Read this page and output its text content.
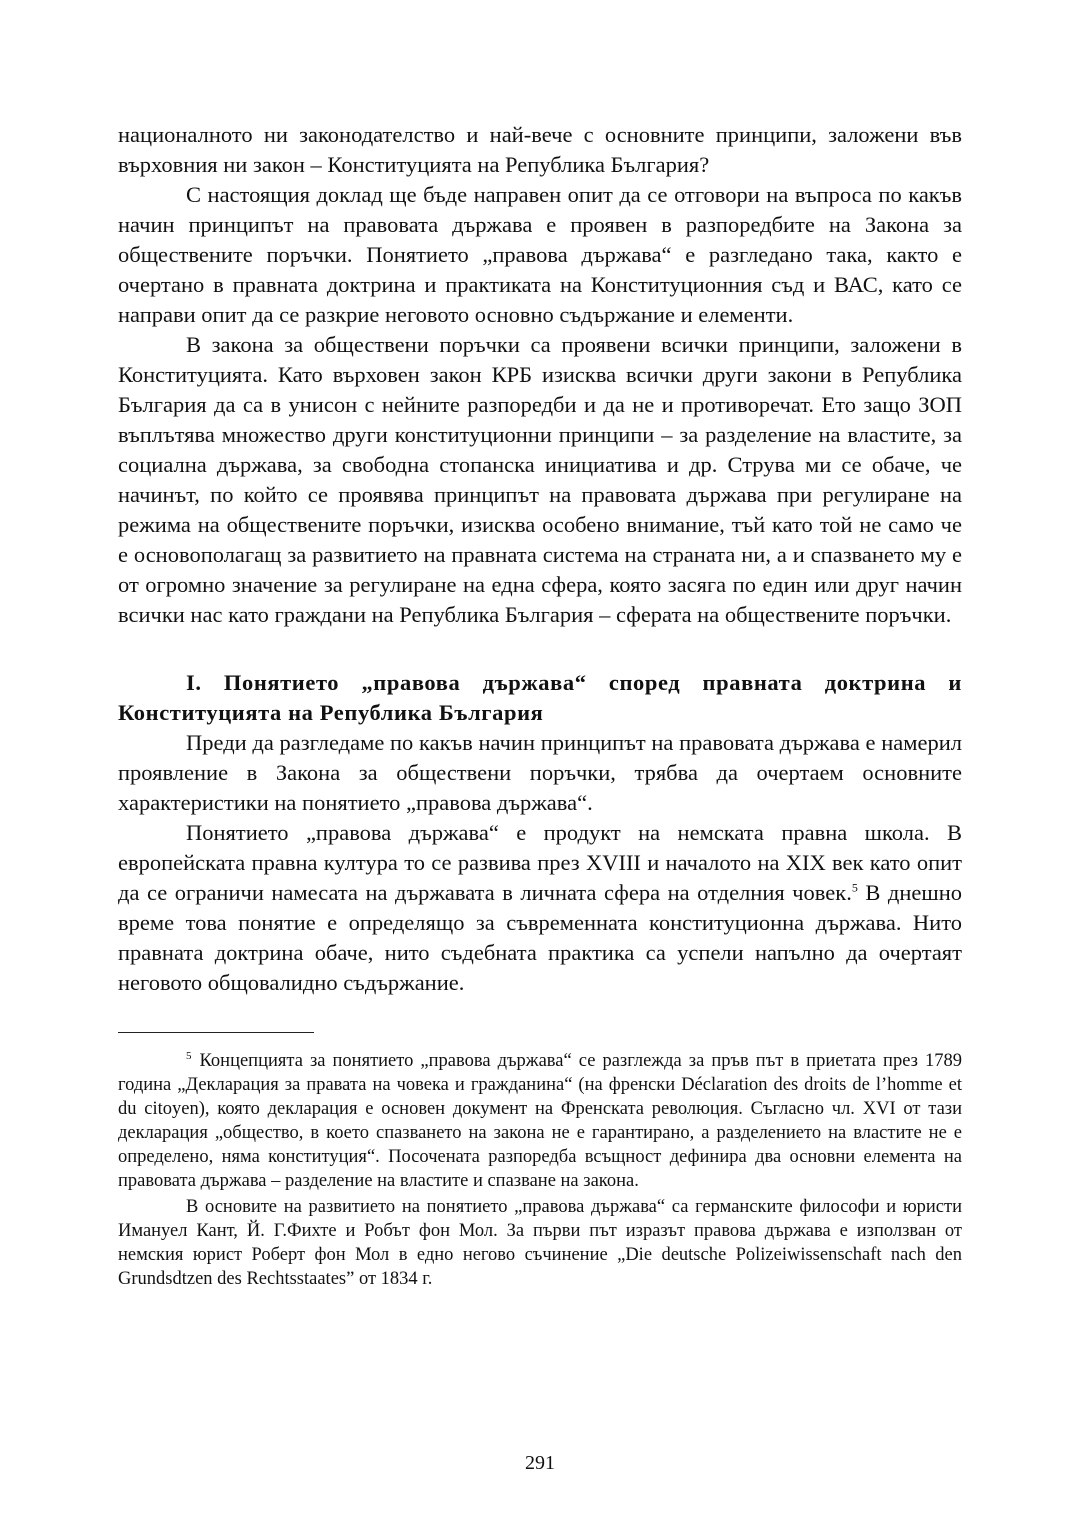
националното ни законодателство и най-вече с основните принципи, заложени във върховния ни закон – Конституцията на Република България?

С настоящия доклад ще бъде направен опит да се отговори на въпроса по какъв начин принципът на правовата държава е проявен в разпоредбите на Закона за обществените поръчки. Понятието „правова държава“ е разгледано така, както е очертано в правната доктрина и практиката на Конституционния съд и ВАС, като се направи опит да се разкрие неговото основно съдържание и елементи.

В закона за обществени поръчки са проявени всички принципи, заложени в Конституцията. Като върховен закон КРБ изисква всички други закони в Република България да са в унисон с нейните разпоредби и да не и противоречат. Ето защо ЗОП въплътява множество други конституционни принципи – за разделение на властите, за социална държава, за свободна стопанска инициатива и др. Струва ми се обаче, че начинът, по който се проявява принципът на правовата държава при регулиране на режима на обществените поръчки, изисква особено внимание, тъй като той не само че е основополагащ за развитието на правната система на страната ни, а и спазването му е от огромно значение за регулиране на една сфера, която засяга по един или друг начин всички нас като граждани на Република България – сферата на обществените поръчки.

І. Понятието „правова държава“ според правната доктрина и Конституцията на Република България

Преди да разгледаме по какъв начин принципът на правовата държава е намерил проявление в Закона за обществени поръчки, трябва да очертаем основните характеристики на понятието „правова държава“.

Понятието „правова държава“ е продукт на немската правна школа. В европейската правна култура то се развива през XVIII и началото на XIX век като опит да се ограничи намесата на държавата в личната сфера на отделния човек.$^5$ В днешно време това понятие е определящо за съвременната конституционна държава. Нито правната доктрина обаче, нито съдебната практика са успели напълно да очертаят неговото общовалидно съдържание.

$^5$ Концепцията за понятието „правова държава“ се разглежда за пръв път в приетата през 1789 година „Декларация за правата на човека и гражданина“ (на френски Déclaration des droits de l’homme et du citoyen), която декларация е основен документ на Френската революция. Съгласно чл. XVI от тази декларация „общество, в което спазването на закона не е гарантирано, а разделението на властите не е определено, няма конституция“. Посочената разпоредба всъщност дефинира два основни елемента на правовата държава – разделение на властите и спазване на закона.

В основите на развитието на понятието „правова държава“ са германските философи и юристи Имануел Кант, Й. Г.Фихте и Робът фон Мол. За първи път изразът правова държава е използван от немския юрист Роберт фон Мол в едно негово съчинение „Die deutsche Polizeiwissenschaft nach den Grundsdtzen des Rechtsstaates” от 1834 г.

291
